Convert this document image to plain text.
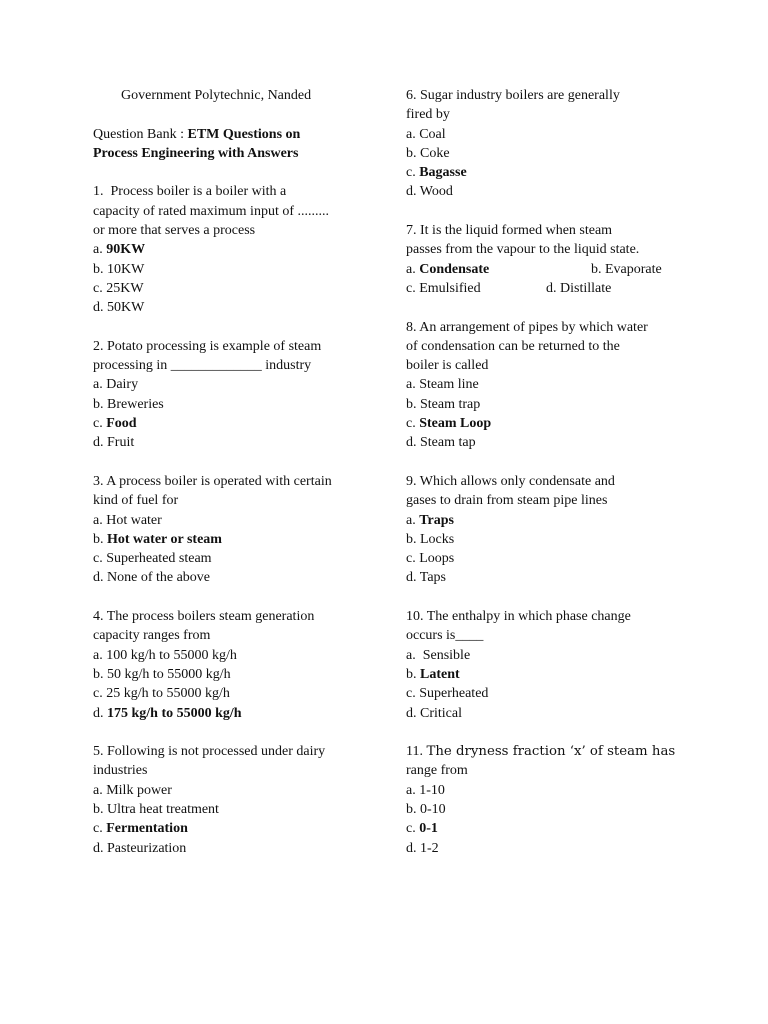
Government Polytechnic, Nanded
Question Bank : ETM Questions on
Process Engineering with Answers
1.  Process boiler is a boiler with a
capacity of rated maximum input of .........
or more that serves a process
a. 90KW
b. 10KW
c. 25KW
d. 50KW
2. Potato processing is example of steam
processing in _____________ industry
a. Dairy
b. Breweries
c. Food
d. Fruit
3. A process boiler is operated with certain
kind of fuel for
a. Hot water
b. Hot water or steam
c. Superheated steam
d. None of the above
4. The process boilers steam generation
capacity ranges from
a. 100 kg/h to 55000 kg/h
b. 50 kg/h to 55000 kg/h
c. 25 kg/h to 55000 kg/h
d. 175 kg/h to 55000 kg/h
5. Following is not processed under dairy
industries
a. Milk power
b. Ultra heat treatment
c. Fermentation
d. Pasteurization
6. Sugar industry boilers are generally
fired by
a. Coal
b. Coke
c. Bagasse
d. Wood
7. It is the liquid formed when steam
passes from the vapour to the liquid state.
a. Condensate	b. Evaporate
c. Emulsified	d. Distillate
8. An arrangement of pipes by which water
of condensation can be returned to the
boiler is called
a. Steam line
b. Steam trap
c. Steam Loop
d. Steam tap
9. Which allows only condensate and
gases to drain from steam pipe lines
a. Traps
b. Locks
c. Loops
d. Taps
10. The enthalpy in which phase change
occurs is____
a.  Sensible
b. Latent
c. Superheated
d. Critical
11. The dryness fraction ‘x’ of steam has
range from
a. 1-10
b. 0-10
c. 0-1
d. 1-2
